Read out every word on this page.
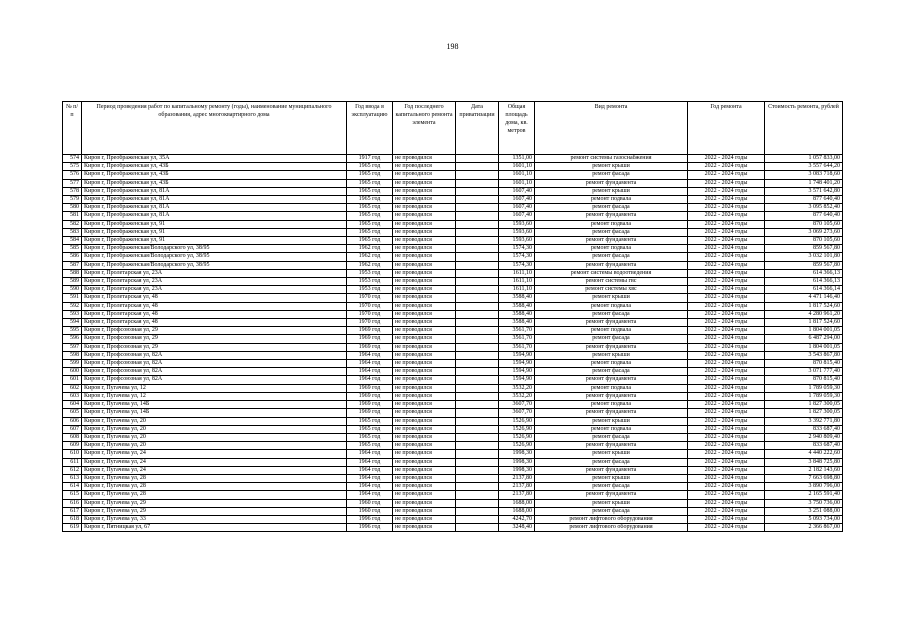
198
№ п/п	Период проведения работ по капитальному ремонту (годы), наименование муниципального образования, адрес многоквартирного дома	Год ввода в эксплуатацию	Год последнего капитального ремонта элемента	Дата приватизации	Общая площадь дома, кв. метров	Вид ремонта	Год ремонта	Стоимость ремонта, рублей
574	Киров г, Преображенская ул, 35А	1917 год	не проводился		1351,00	ремонт системы газоснабжения	2022 - 2024 годы	1 057 833,00
575	Киров г, Преображенская ул, 43Б	1965 год	не проводился		1601,10	ремонт крыши	2022 - 2024 годы	3 557 644,20
576	Киров г, Преображенская ул, 43Б	1965 год	не проводился		1601,10	ремонт фасада	2022 - 2024 годы	3 083 718,60
577	Киров г, Преображенская ул, 43Б	1965 год	не проводился		1601,10	ремонт фундамента	2022 - 2024 годы	1 748 401,20
578	Киров г, Преображенская ул, 81А	1965 год	не проводился		1607,40	ремонт крыши	2022 - 2024 годы	3 571 642,80
579	Киров г, Преображенская ул, 81А	1965 год	не проводился		1607,40	ремонт подвала	2022 - 2024 годы	877 640,40
580	Киров г, Преображенская ул, 81А	1965 год	не проводился		1607,40	ремонт фасада	2022 - 2024 годы	3 095 852,40
581	Киров г, Преображенская ул, 81А	1965 год	не проводился		1607,40	ремонт фундамента	2022 - 2024 годы	877 640,40
582	Киров г, Преображенская ул, 91	1965 год	не проводился		1593,60	ремонт подвала	2022 - 2024 годы	870 105,60
583	Киров г, Преображенская ул, 91	1965 год	не проводился		1593,60	ремонт фасада	2022 - 2024 годы	3 069 273,60
584	Киров г, Преображенская ул, 91	1965 год	не проводился		1593,60	ремонт фундамента	2022 - 2024 годы	870 105,60
585	Киров г, Преображенская/Володарского ул, 38/95	1962 год	не проводился		1574,30	ремонт подвала	2022 - 2024 годы	859 567,80
586	Киров г, Преображенская/Володарского ул, 38/95	1962 год	не проводился		1574,30	ремонт фасада	2022 - 2024 годы	3 032 101,80
587	Киров г, Преображенская/Володарского ул, 38/95	1962 год	не проводился		1574,30	ремонт фундамента	2022 - 2024 годы	859 567,80
588	Киров г, Пролетарская ул, 23А	1953 год	не проводился		1611,10	ремонт системы водоотведения	2022 - 2024 годы	614 366,13
589	Киров г, Пролетарская ул, 23А	1953 год	не проводился		1611,10	ремонт системы гвс	2022 - 2024 годы	614 366,13
590	Киров г, Пролетарская ул, 23А	1953 год	не проводился		1611,10	ремонт системы хвс	2022 - 2024 годы	614 366,14
591	Киров г, Пролетарская ул, 48	1970 год	не проводился		3588,40	ремонт крыши	2022 - 2024 годы	4 471 146,40
592	Киров г, Пролетарская ул, 48	1970 год	не проводился		3588,40	ремонт подвала	2022 - 2024 годы	1 817 524,60
593	Киров г, Пролетарская ул, 48	1970 год	не проводился		3588,40	ремонт фасада	2022 - 2024 годы	4 280 961,20
594	Киров г, Пролетарская ул, 48	1970 год	не проводился		3588,40	ремонт фундамента	2022 - 2024 годы	1 817 524,60
595	Киров г, Профсоюзная ул, 29	1969 год	не проводился		3561,70	ремонт подвала	2022 - 2024 годы	1 804 001,05
596	Киров г, Профсоюзная ул, 29	1969 год	не проводился		3561,70	ремонт фасада	2022 - 2024 годы	6 487 294,00
597	Киров г, Профсоюзная ул, 29	1969 год	не проводился		3561,70	ремонт фундамента	2022 - 2024 годы	1 804 001,05
598	Киров г, Профсоюзная ул, 82А	1964 год	не проводился		1594,90	ремонт крыши	2022 - 2024 годы	3 543 867,80
599	Киров г, Профсоюзная ул, 82А	1964 год	не проводился		1594,90	ремонт подвала	2022 - 2024 годы	870 815,40
600	Киров г, Профсоюзная ул, 82А	1964 год	не проводился		1594,90	ремонт фасада	2022 - 2024 годы	3 071 777,40
601	Киров г, Профсоюзная ул, 82А	1964 год	не проводился		1594,90	ремонт фундамента	2022 - 2024 годы	870 815,40
602	Киров г, Пугачева ул, 12	1969 год	не проводился		3532,20	ремонт подвала	2022 - 2024 годы	1 789 059,30
603	Киров г, Пугачева ул, 12	1969 год	не проводился		3532,20	ремонт фундамента	2022 - 2024 годы	1 789 059,30
604	Киров г, Пугачева ул, 14Б	1969 год	не проводился		3607,70	ремонт подвала	2022 - 2024 годы	1 827 300,05
605	Киров г, Пугачева ул, 14Б	1969 год	не проводился		3607,70	ремонт фундамента	2022 - 2024 годы	1 827 300,05
606	Киров г, Пугачева ул, 20	1965 год	не проводился		1526,90	ремонт крыши	2022 - 2024 годы	3 392 771,80
607	Киров г, Пугачева ул, 20	1965 год	не проводился		1526,90	ремонт подвала	2022 - 2024 годы	833 687,40
608	Киров г, Пугачева ул, 20	1965 год	не проводился		1526,90	ремонт фасада	2022 - 2024 годы	2 940 809,40
609	Киров г, Пугачева ул, 20	1965 год	не проводился		1526,90	ремонт фундамента	2022 - 2024 годы	833 687,40
610	Киров г, Пугачева ул, 24	1964 год	не проводился		1998,30	ремонт крыши	2022 - 2024 годы	4 440 222,60
611	Киров г, Пугачева ул, 24	1964 год	не проводился		1998,30	ремонт фасада	2022 - 2024 годы	3 848 725,80
612	Киров г, Пугачева ул, 24	1964 год	не проводился		1998,30	ремонт фундамента	2022 - 2024 годы	2 182 143,60
613	Киров г, Пугачева ул, 28	1964 год	не проводился		2137,80	ремонт крыши	2022 - 2024 годы	7 663 698,80
614	Киров г, Пугачева ул, 28	1964 год	не проводился		2137,80	ремонт фасада	2022 - 2024 годы	3 890 796,00
615	Киров г, Пугачева ул, 28	1964 год	не проводился		2137,80	ремонт фундамента	2022 - 2024 годы	2 165 591,40
616	Киров г, Пугачева ул, 29	1960 год	не проводился		1688,00	ремонт крыши	2022 - 2024 годы	3 750 736,00
617	Киров г, Пугачева ул, 29	1960 год	не проводился		1688,00	ремонт фасада	2022 - 2024 годы	3 251 088,00
618	Киров г, Пугачева ул, 33	1996 год	не проводился		4242,70	ремонт лифтового оборудования	2022 - 2024 годы	5 093 734,00
619	Киров г, Пятницкая ул, 67	1996 год	не проводился		3248,40	ремонт лифтового оборудования	2022 - 2024 годы	2 366 867,00
